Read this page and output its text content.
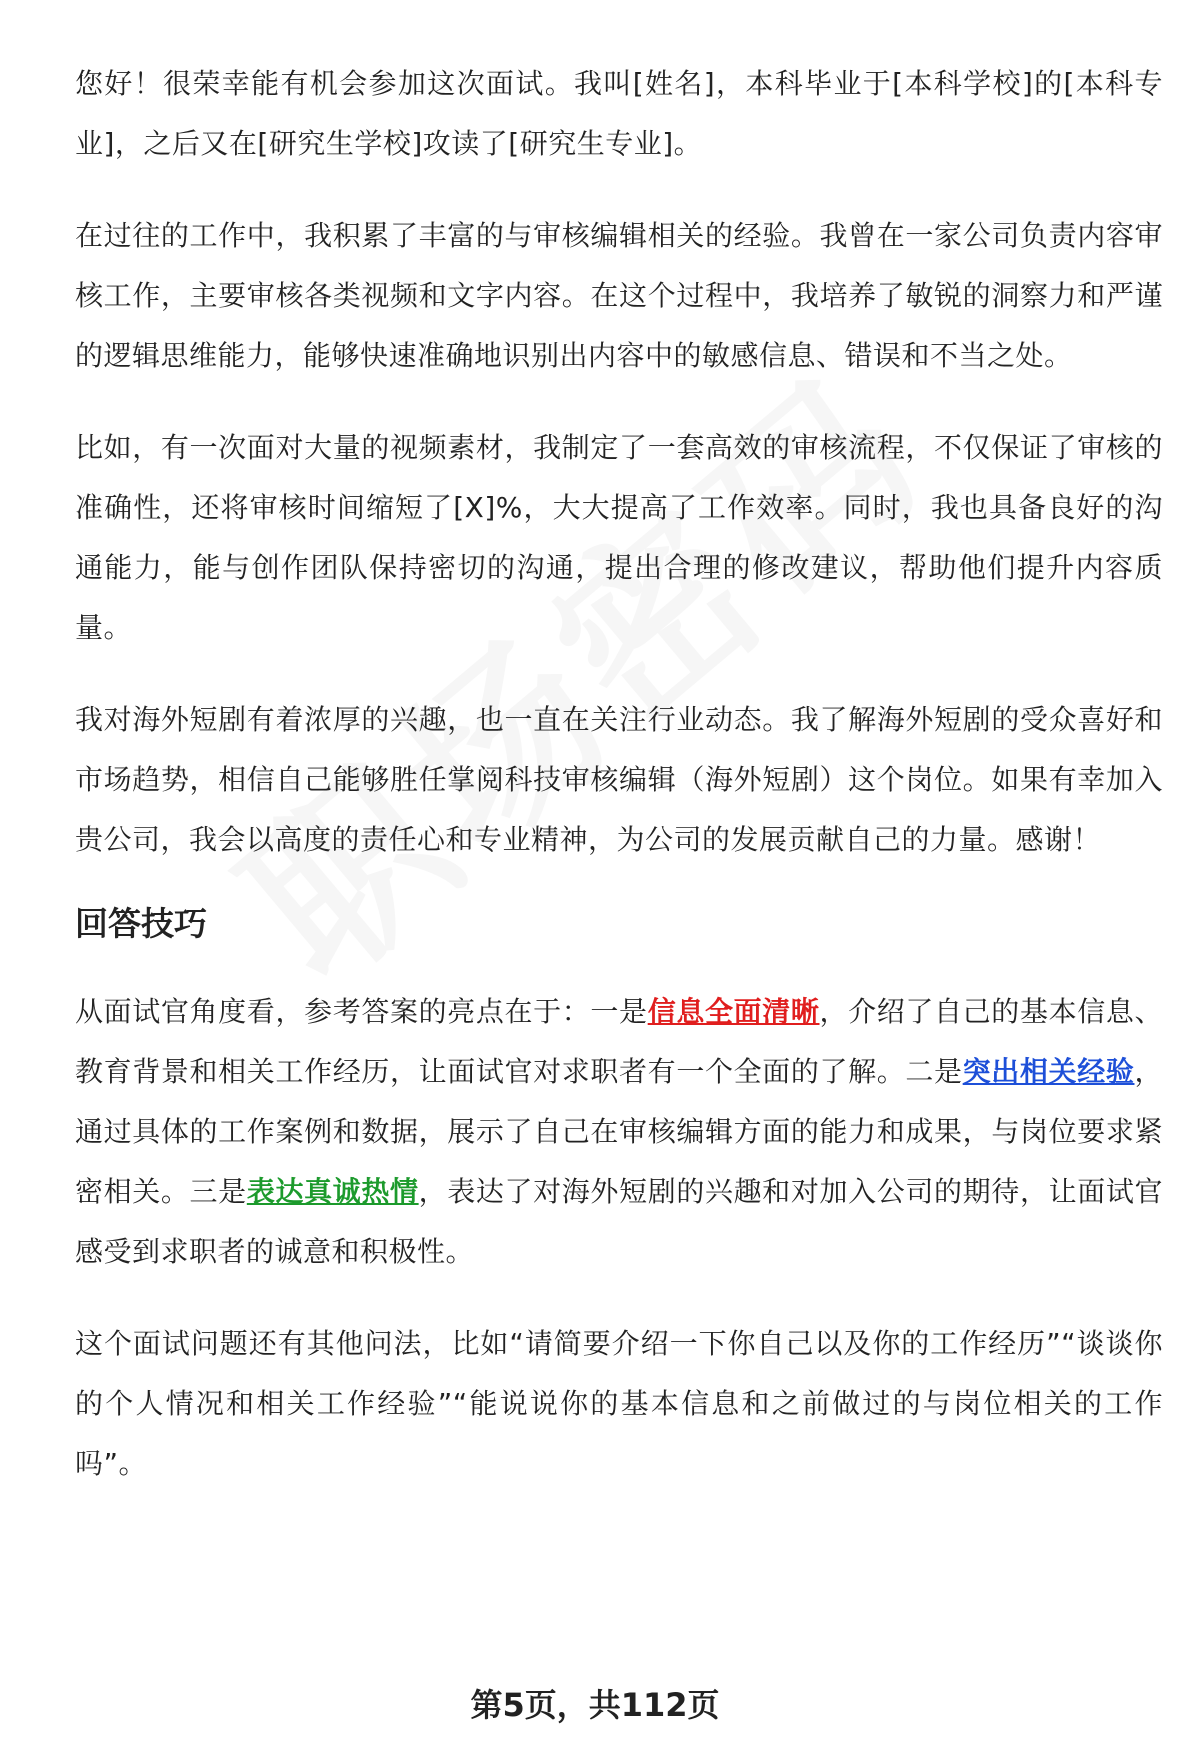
您好！很荣幸能有机会参加这次面试。我叫[姓名]，本科毕业于[本科学校]的[本科专业]，之后又在[研究生学校]攻读了[研究生专业]。

在过往的工作中，我积累了丰富的与审核编辑相关的经验。我曾在一家公司负责内容审核工作，主要审核各类视频和文字内容。在这个过程中，我培养了敏锐的洞察力和严谨的逻辑思维能力，能够快速准确地识别出内容中的敏感信息、错误和不当之处。

比如，有一次面对大量的视频素材，我制定了一套高效的审核流程，不仅保证了审核的准确性，还将审核时间缩短了[X]%，大大提高了工作效率。同时，我也具备良好的沟通能力，能与创作团队保持密切的沟通，提出合理的修改建议，帮助他们提升内容质量。

我对海外短剧有着浓厚的兴趣，也一直在关注行业动态。我了解海外短剧的受众喜好和市场趋势，相信自己能够胜任掌阅科技审核编辑（海外短剧）这个岗位。如果有幸加入贵公司，我会以高度的责任心和专业精神，为公司的发展贡献自己的力量。感谢！

回答技巧

从面试官角度看，参考答案的亮点在于：一是信息全面清晰，介绍了自己的基本信息、教育背景和相关工作经历，让面试官对求职者有一个全面的了解。二是突出相关经验，通过具体的工作案例和数据，展示了自己在审核编辑方面的能力和成果，与岗位要求紧密相关。三是表达真诚热情，表达了对海外短剧的兴趣和对加入公司的期待，让面试官感受到求职者的诚意和积极性。

这个面试问题还有其他问法，比如“请简要介绍一下你自己以及你的工作经历”“谈谈你的个人情况和相关工作经验”“能说说你的基本信息和之前做过的与岗位相关的工作吗”。

第5页，共112页
